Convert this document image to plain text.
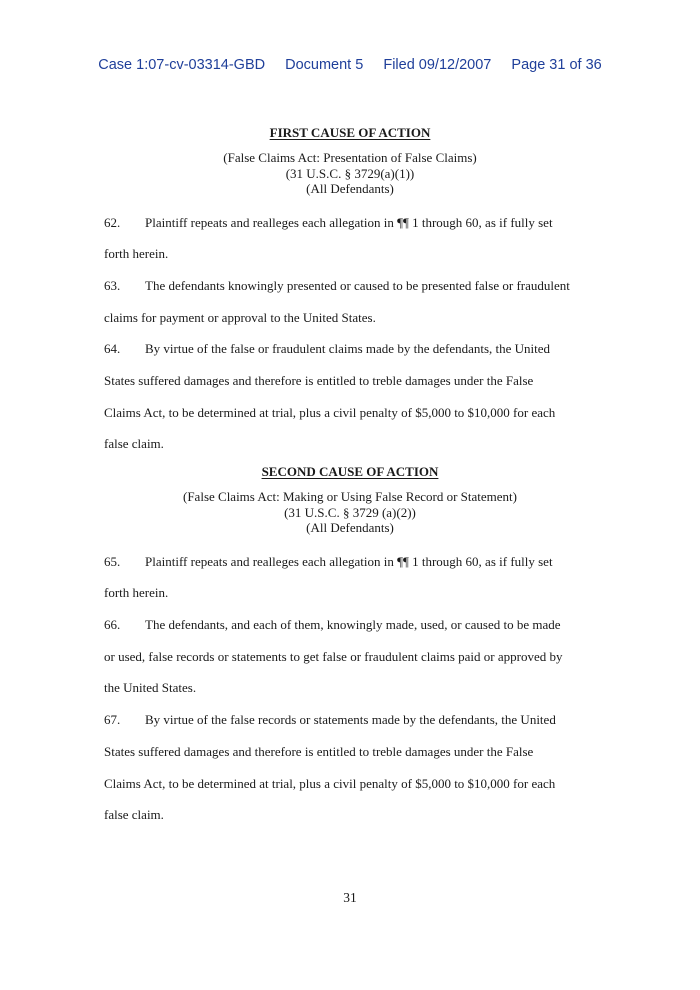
Case 1:07-cv-03314-GBD Document 5 Filed 09/12/2007 Page 31 of 36

FIRST CAUSE OF ACTION

(False Claims Act: Presentation of False Claims)

(31 U.S.C. § 3729(a)(1))

(All Defendants)

62. Plaintiff repeats and realleges each allegation in ¶¶ 1 through 60, as if fully set

forth herein.

63. The defendants knowingly presented or caused to be presented false or fraudulent

claims for payment or approval to the United States.

64. By virtue of the false or fraudulent claims made by the defendants, the United

States suffered damages and therefore is entitled to treble damages under the False

Claims Act, to be determined at trial, plus a civil penalty of $5,000 to $10,000 for each

false claim.

SECOND CAUSE OF ACTION

(False Claims Act: Making or Using False Record or Statement)

(31 U.S.C. § 3729 (a)(2))

(All Defendants)

65. Plaintiff repeats and realleges each allegation in ¶¶ 1 through 60, as if fully set

forth herein.

66. The defendants, and each of them, knowingly made, used, or caused to be made

or used, false records or statements to get false or fraudulent claims paid or approved by

the United States.

67. By virtue of the false records or statements made by the defendants, the United

States suffered damages and therefore is entitled to treble damages under the False

Claims Act, to be determined at trial, plus a civil penalty of $5,000 to $10,000 for each

false claim.

31
